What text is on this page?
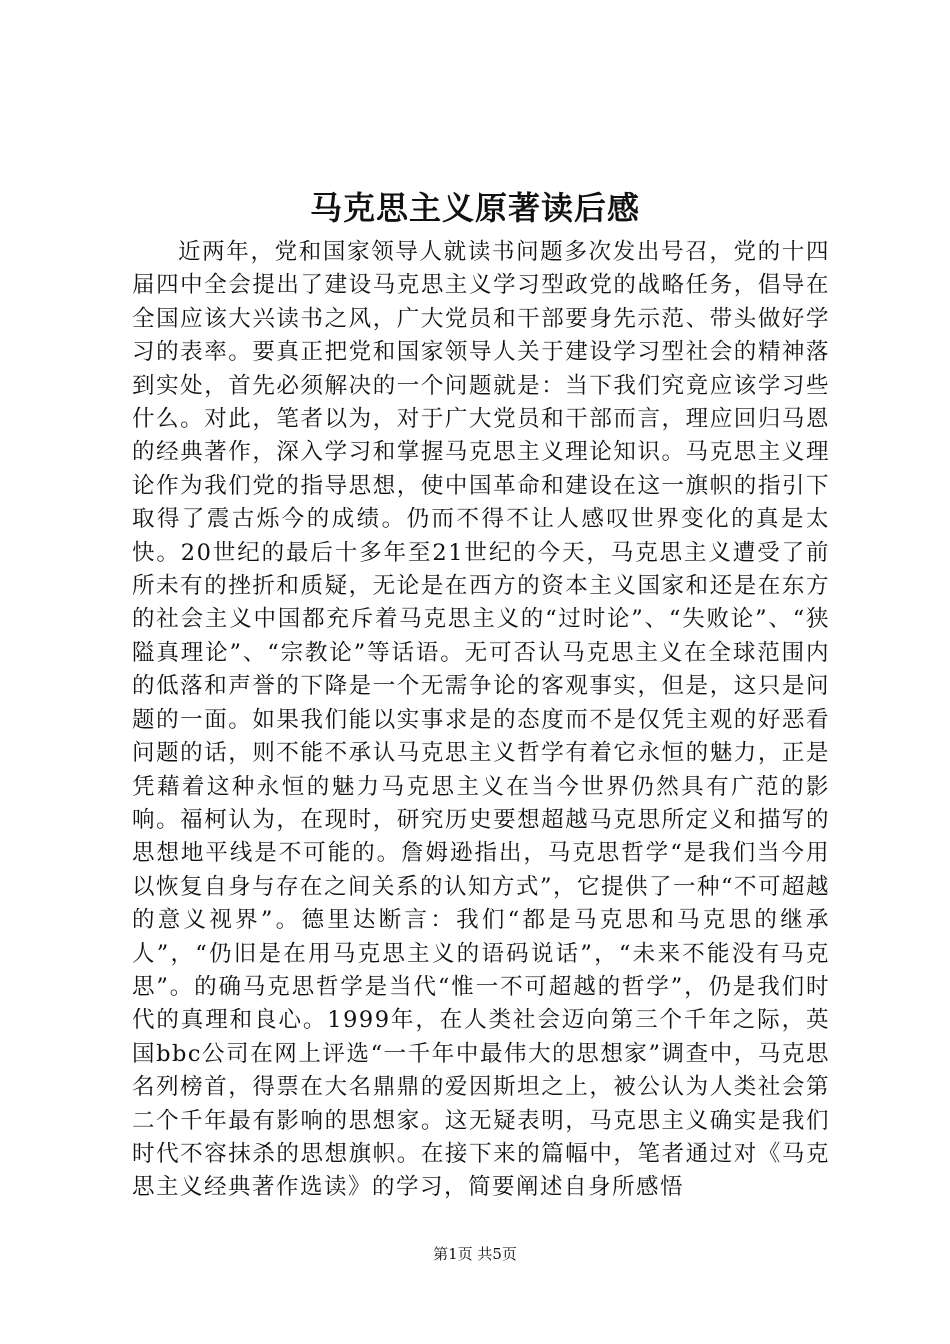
马克思主义原著读后感

近两年，党和国家领导人就读书问题多次发出号召，党的十四届四中全会提出了建设马克思主义学习型政党的战略任务，倡导在全国应该大兴读书之风，广大党员和干部要身先示范、带头做好学习的表率。要真正把党和国家领导人关于建设学习型社会的精神落到实处，首先必须解决的一个问题就是：当下我们究竟应该学习些什么。对此，笔者以为，对于广大党员和干部而言，理应回归马恩的经典著作，深入学习和掌握马克思主义理论知识。马克思主义理论作为我们党的指导思想，使中国革命和建设在这一旗帜的指引下取得了震古烁今的成绩。仍而不得不让人感叹世界变化的真是太快。20世纪的最后十多年至21世纪的今天，马克思主义遭受了前所未有的挫折和质疑，无论是在西方的资本主义国家和还是在东方的社会主义中国都充斥着马克思主义的“过时论”、“失败论”、“狭隘真理论”、“宗教论”等话语。无可否认马克思主义在全球范围内的低落和声誉的下降是一个无需争论的客观事实，但是，这只是问题的一面。如果我们能以实事求是的态度而不是仅凭主观的好恶看问题的话，则不能不承认马克思主义哲学有着它永恒的魅力，正是凭藉着这种永恒的魅力马克思主义在当今世界仍然具有广范的影响。福柯认为，在现时，研究历史要想超越马克思所定义和描写的思想地平线是不可能的。詹姆逊指出，马克思哲学“是我们当今用以恢复自身与存在之间关系的认知方式”，它提供了一种“不可超越的意义视界”。德里达断言：我们“都是马克思和马克思的继承人”，“仍旧是在用马克思主义的语码说话”，“未来不能没有马克思”。的确马克思哲学是当代“惟一不可超越的哲学”，仍是我们时代的真理和良心。1999年，在人类社会迈向第三个千年之际，英国bbc公司在网上评选“一千年中最伟大的思想家”调查中，马克思名列榜首，得票在大名鼎鼎的爱因斯坦之上，被公认为人类社会第二个千年最有影响的思想家。这无疑表明，马克思主义确实是我们时代不容抹杀的思想旗帜。在接下来的篇幅中，笔者通过对《马克思主义经典著作选读》的学习，简要阐述自身所感悟

第1页 共5页
